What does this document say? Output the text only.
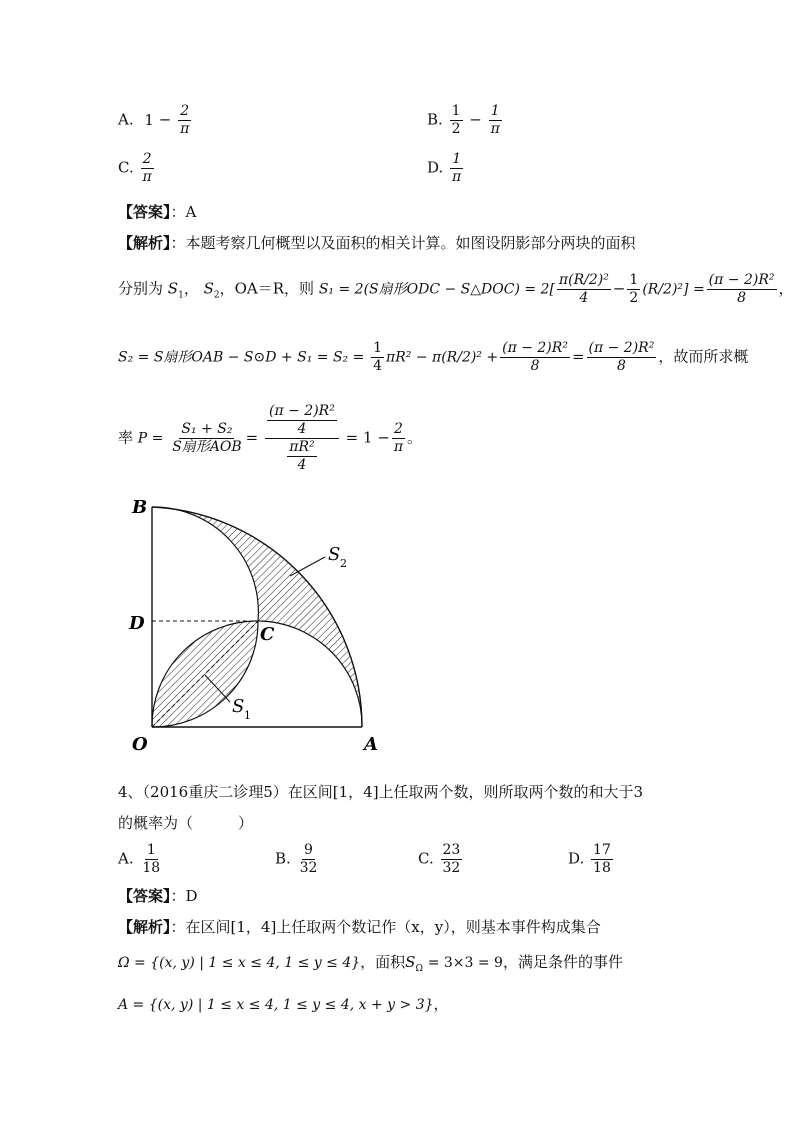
A. $1 - \frac{2}{\pi}$	B. $\frac{1}{2} - \frac{1}{\pi}$
C. $\frac{2}{\pi}$	D. $\frac{1}{\pi}$
【答案】：A
【解析】：本题考察几何概型以及面积的相关计算。如图设阴影部分两块的面积
分别为 $S_1$， $S_2$，OA＝R，则 S₁ = 2(S扇形ODC − S△DOC) = $2[ \frac{\text{π(R/2)²}}{4} - \frac{1}{2} (R/2)^2] = \frac{\text{(π − 2)R²}}{8}$ ，
S₂ = S扇形OAB − S⊙D + $S_1 = S_2 = \frac{1}{4} \pi R^2 - \pi(R/2)^2 + \frac{\text{(π − 2)R²}}{8} = \frac{\text{(π − 2)R²}}{8}$ ，故而所求概
率 $P = \frac{\text{S₁ + S₂}}{\text{S扇形AOB}} = \frac{\frac{\text{(π − 2)R²}}{4}}{\frac{\text{πR²}}{4}} = 1 - \frac{2}{\pi}$ 。
B
D
C
O	A
S 2
S 1
4、（2016重庆二诊理5）在区间[1，4]上任取两个数，则所取两个数的和大于3
的概率为（　　　）
A. $\frac{1}{18}$	B. $\frac{9}{32}$	C. $\frac{23}{32}$	D. $\frac{17}{18}$
【答案】：D
【解析】：在区间[1，4]上任取两个数记作（x，y），则基本事件构成集合
Ω = {(x, y) | 1 ≤ x ≤ 4, 1 ≤ y ≤ 4}，面积$S_\Omega = 3\times 3 = 9$，满足条件的事件
A = {(x, y) | 1 ≤ x ≤ 4, 1 ≤ y ≤ 4, x + y > 3}，
